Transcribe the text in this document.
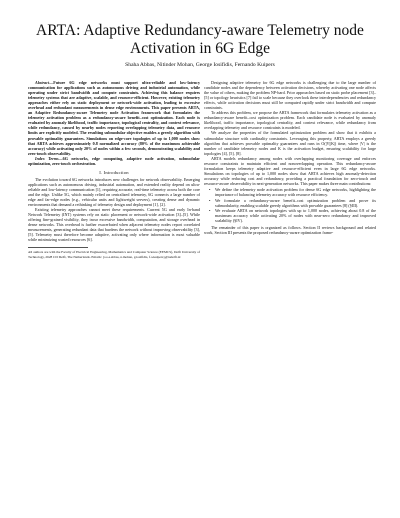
ARTA: Adaptive Redundancy-aware Telemetry node Activation in 6G Edge
Shaha Abbas, Nitinder Mohan, George Iosifidis, Fernando Kuipers

Abstract—Future 6G edge networks must support ultra-reliable and low-latency communication for applications such as autonomous driving and industrial automation, while operating under strict bandwidth and compute constraints. Achieving this balance requires telemetry systems that are adaptive, scalable, and resource-efficient. However, existing telemetry approaches either rely on static deployment or network-wide activation, leading to excessive overhead and redundant measurements in dense edge environments. This paper presents ARTA, an Adaptive Redundancy-aware Telemetry node Activation framework that formulates the telemetry activation problem as a redundancy-aware benefit–cost optimization. Each node is evaluated by anomaly likelihood, traffic importance, topological centrality, and context relevance, while redundancy, caused by nearby nodes reporting overlapping telemetry data, and resource limits are explicitly modeled. The resulting submodular objective enables a greedy algorithm with provable optimality guarantees. Simulations on edge-core topologies of up to 1,000 nodes show that ARTA achieves approximately 0.8 normalized accuracy (80% of the maximum achievable accuracy) while activating only 20% of nodes within a few seconds, demonstrating scalability and zero-touch observability.

Index Terms—6G networks, edge computing, adaptive node activation, submodular optimization, zero-touch orchestration.

I. Introduction

The evolution toward 6G networks introduces new challenges for network observability. Emerging applications such as autonomous driving, industrial automation, and extended reality depend on ultra-reliable and low-latency communication [1], requiring accurate, real-time telemetry across both the core and the edge. Unlike 5G, which mainly relied on centralized telemetry, 6G connects a large number of edge and far-edge nodes (e.g., vehicular units and lightweight servers), creating dense and dynamic environments that demand a rethinking of telemetry design and deployment [1], [2].

Existing telemetry approaches cannot meet these requirements. Current 5G and early In-band Network Telemetry (INT) systems rely on static placement or network-wide activation [3]–[5]. While offering fine-grained visibility, they incur excessive bandwidth, computation, and storage overhead in dense networks. This overhead is further exacerbated when adjacent telemetry nodes report correlated measurements, generating redundant data that burdens the network without improving observability [3], [5]. Telemetry must therefore become adaptive, activating only where information is most valuable while minimizing wasted resources [6].

All authors are with the Faculty of Electrical Engineering, Mathematics and Computer Science (EEMCS), Delft University of Technology, 2628 CD Delft, The Netherlands. Emails: {s.s.a.abbas, n.mohan, g.iosifidis, f.a.kuipers}@tudelft.nl

Designing adaptive telemetry for 6G edge networks is challenging due to the large number of candidate nodes and the dependency between activation decisions, whereby activating one node affects the value of others, making the problem NP-hard. Prior approaches based on static probe placement [3]–[5] or topology heuristics [7] fail to scale because they overlook these interdependencies and redundancy effects, while activation decisions must still be computed rapidly under strict bandwidth and compute constraints.

To address this problem, we propose the ARTA framework that formulates telemetry activation as a redundancy-aware benefit–cost optimization problem. Each candidate node is evaluated by anomaly likelihood, traffic importance, topological centrality, and context relevance, while redundancy from overlapping telemetry and resource constraints is modeled.

We analyze the properties of the formulated optimization problem and show that it exhibits a submodular structure with cardinality constraints. Leveraging this property, ARTA employs a greedy algorithm that achieves provable optimality guarantees and runs in O(|V||K|) time, where |V| is the number of candidate telemetry nodes and K is the activation budget, ensuring scalability for large topologies [4], [5], [8].

ARTA models redundancy among nodes with overlapping monitoring coverage and enforces resource constraints to maintain efficient and nonoverlapping operation. This redundancy-aware formulation keeps telemetry adaptive and resource-efficient even in large 6G edge networks. Simulations on topologies of up to 1,000 nodes show that ARTA achieves high anomaly-detection accuracy while reducing cost and redundancy, providing a practical foundation for zero-touch and resource-aware observability in next-generation networks. This paper makes three main contributions:

• We define the telemetry node activation problem for dense 6G edge networks, highlighting the importance of balancing telemetry accuracy with resource efficiency.
• We formulate a redundancy-aware benefit–cost optimization problem and prove its submodularity, enabling scalable greedy algorithms with provable guarantees [8] (§III).
• We evaluate ARTA on network topologies with up to 1,000 nodes, achieving about 0.8 of the maximum accuracy while activating 20% of nodes with near-zero redundancy and improved scalability (§IV).

The remainder of this paper is organized as follows. Section II reviews background and related work, Section III presents the proposed redundancy-aware optimization frame-
